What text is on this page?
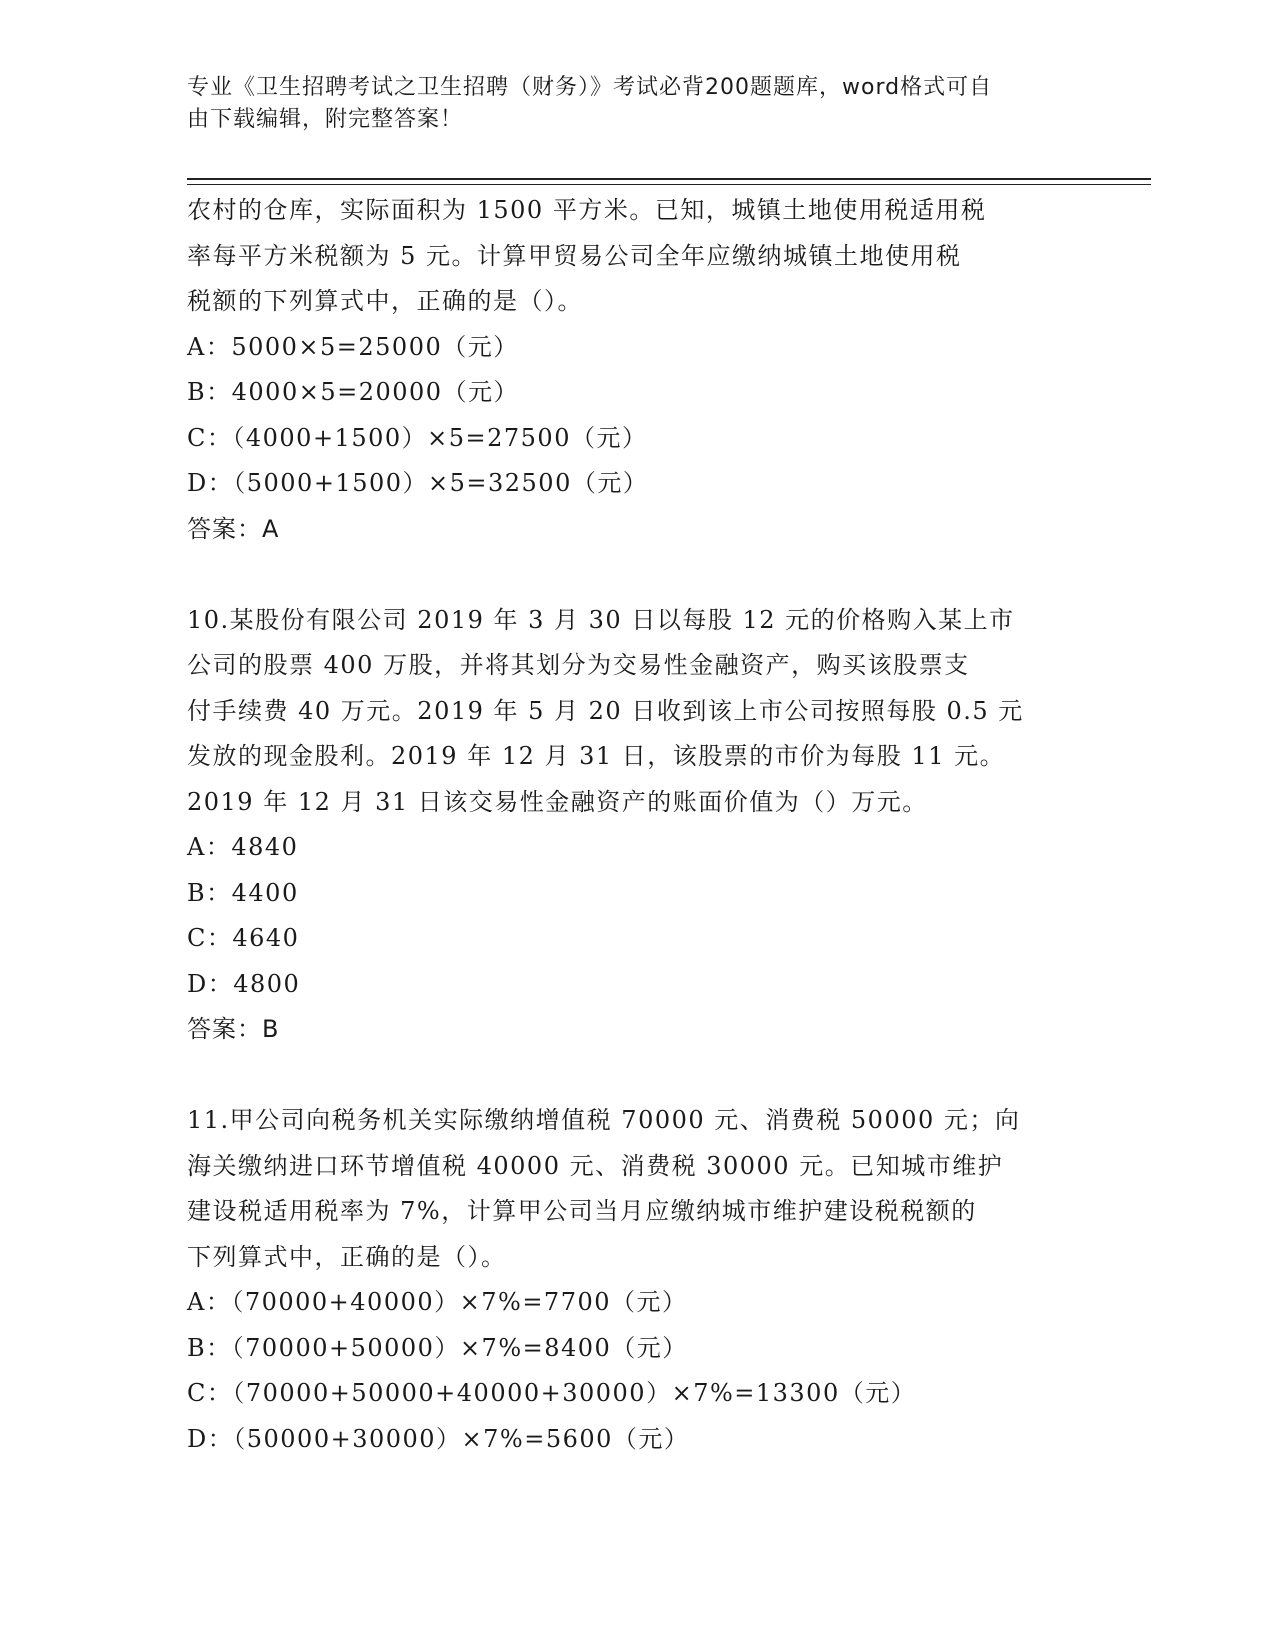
专业《卫生招聘考试之卫生招聘（财务）》考试必背200题题库，word格式可自
由下载编辑，附完整答案！
农村的仓库，实际面积为 1500 平方米。已知，城镇土地使用税适用税
率每平方米税额为 5 元。计算甲贸易公司全年应缴纳城镇土地使用税
税额的下列算式中，正确的是（）。
A：5000×5=25000（元）
B：4000×5=20000（元）
C：（4000+1500）×5=27500（元）
D：（5000+1500）×5=32500（元）
答案：A
10.某股份有限公司 2019 年 3 月 30 日以每股 12 元的价格购入某上市
公司的股票 400 万股，并将其划分为交易性金融资产，购买该股票支
付手续费 40 万元。2019 年 5 月 20 日收到该上市公司按照每股 0.5 元
发放的现金股利。2019 年 12 月 31 日，该股票的市价为每股 11 元。
2019 年 12 月 31 日该交易性金融资产的账面价值为（）万元。
A：4840
B：4400
C：4640
D：4800
答案：B
11.甲公司向税务机关实际缴纳增值税 70000 元、消费税 50000 元；向
海关缴纳进口环节增值税 40000 元、消费税 30000 元。已知城市维护
建设税适用税率为 7%，计算甲公司当月应缴纳城市维护建设税税额的
下列算式中，正确的是（）。
A：（70000+40000）×7%=7700（元）
B：（70000+50000）×7%=8400（元）
C：（70000+50000+40000+30000）×7%=13300（元）
D：（50000+30000）×7%=5600（元）
